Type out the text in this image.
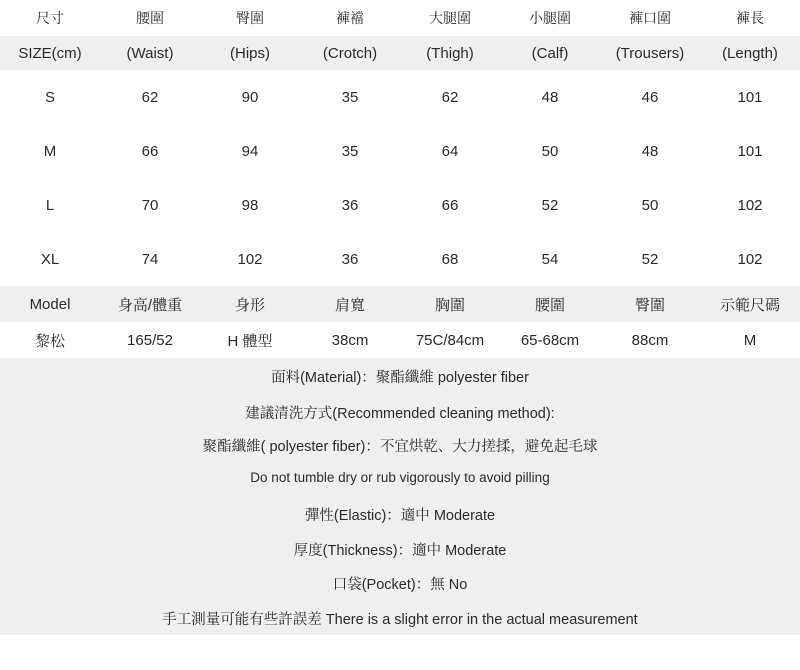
尺寸	腰圍	臀圍	褲襠	大腿圍	小腿圍	褲口圍	褲長
SIZE(cm)	(Waist)	(Hips)	(Crotch)	(Thigh)	(Calf)	(Trousers)	(Length)
S	62	90	35	62	48	46	101
M	66	94	35	64	50	48	101
L	70	98	36	66	52	50	102
XL	74	102	36	68	54	52	102
Model	身高/體重	身形	肩寬	胸圍	腰圍	臀圍	示範尺碼
黎松	165/52	H 體型	38cm	75C/84cm	65-68cm	88cm	M
面料(Material)：聚酯纖維 polyester fiber
建議清洗方式(Recommended cleaning method):
聚酯纖維( polyester fiber)：不宜烘乾、大力搓揉，避免起毛球
Do not tumble dry or rub vigorously to avoid pilling
彈性(Elastic)：適中 Moderate
厚度(Thickness)：適中 Moderate
口袋(Pocket)：無 No
手工測量可能有些許誤差 There is a slight error in the actual measurement
